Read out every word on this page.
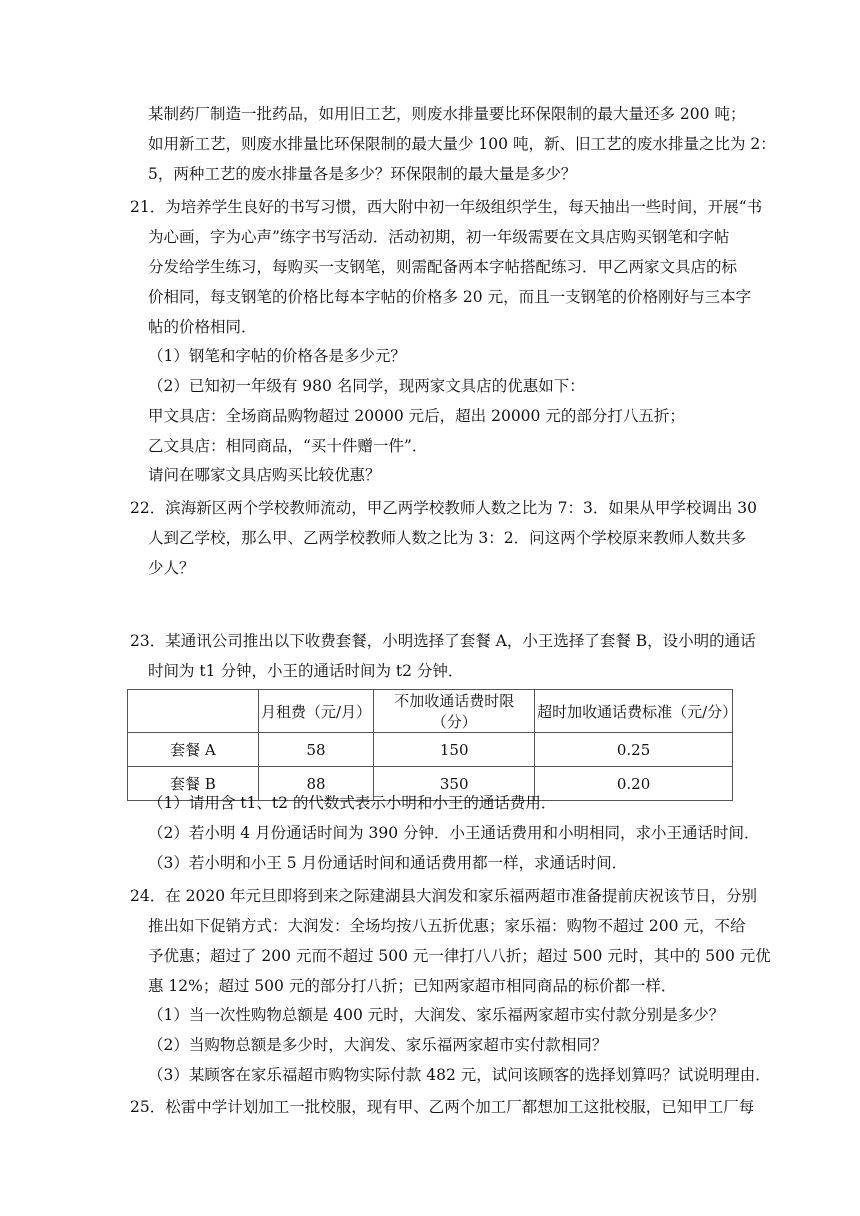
某制药厂制造一批药品，如用旧工艺，则废水排量要比环保限制的最大量还多 200 吨；
如用新工艺，则废水排量比环保限制的最大量少 100 吨，新、旧工艺的废水排量之比为 2：
5，两种工艺的废水排量各是多少？环保限制的最大量是多少？
21．为培养学生良好的书写习惯，西大附中初一年级组织学生，每天抽出一些时间，开展“书
为心画，字为心声”练字书写活动．活动初期，初一年级需要在文具店购买钢笔和字帖
分发给学生练习，每购买一支钢笔，则需配备两本字帖搭配练习．甲乙两家文具店的标
价相同，每支钢笔的价格比每本字帖的价格多 20 元，而且一支钢笔的价格刚好与三本字
帖的价格相同．
（1）钢笔和字帖的价格各是多少元？
（2）已知初一年级有 980 名同学，现两家文具店的优惠如下：
甲文具店：全场商品购物超过 20000 元后，超出 20000 元的部分打八五折；
乙文具店：相同商品，“买十件赠一件”．
请问在哪家文具店购买比较优惠？
22．滨海新区两个学校教师流动，甲乙两学校教师人数之比为 7：3．如果从甲学校调出 30
人到乙学校，那么甲、乙两学校教师人数之比为 3：2．问这两个学校原来教师人数共多
少人？
23．某通讯公司推出以下收费套餐，小明选择了套餐 A，小王选择了套餐 B，设小明的通话
时间为 t1 分钟，小王的通话时间为 t2 分钟．
	月租费（元/月）	不加收通话费时限（分）	超时加收通话费标准（元/分）
套餐 A	58	150	0.25
套餐 B	88	350	0.20
（1）请用含 t1、t2 的代数式表示小明和小王的通话费用．
（2）若小明 4 月份通话时间为 390 分钟．小王通话费用和小明相同，求小王通话时间．
（3）若小明和小王 5 月份通话时间和通话费用都一样，求通话时间．
24．在 2020 年元旦即将到来之际建湖县大润发和家乐福两超市准备提前庆祝该节日，分别
推出如下促销方式：大润发：全场均按八五折优惠；家乐福：购物不超过 200 元，不给
予优惠；超过了 200 元而不超过 500 元一律打八八折；超过 500 元时，其中的 500 元优
惠 12%；超过 500 元的部分打八折；已知两家超市相同商品的标价都一样．
（1）当一次性购物总额是 400 元时，大润发、家乐福两家超市实付款分别是多少？
（2）当购物总额是多少时，大润发、家乐福两家超市实付款相同？
（3）某顾客在家乐福超市购物实际付款 482 元，试问该顾客的选择划算吗？试说明理由．
25．松雷中学计划加工一批校服，现有甲、乙两个加工厂都想加工这批校服，已知甲工厂每
